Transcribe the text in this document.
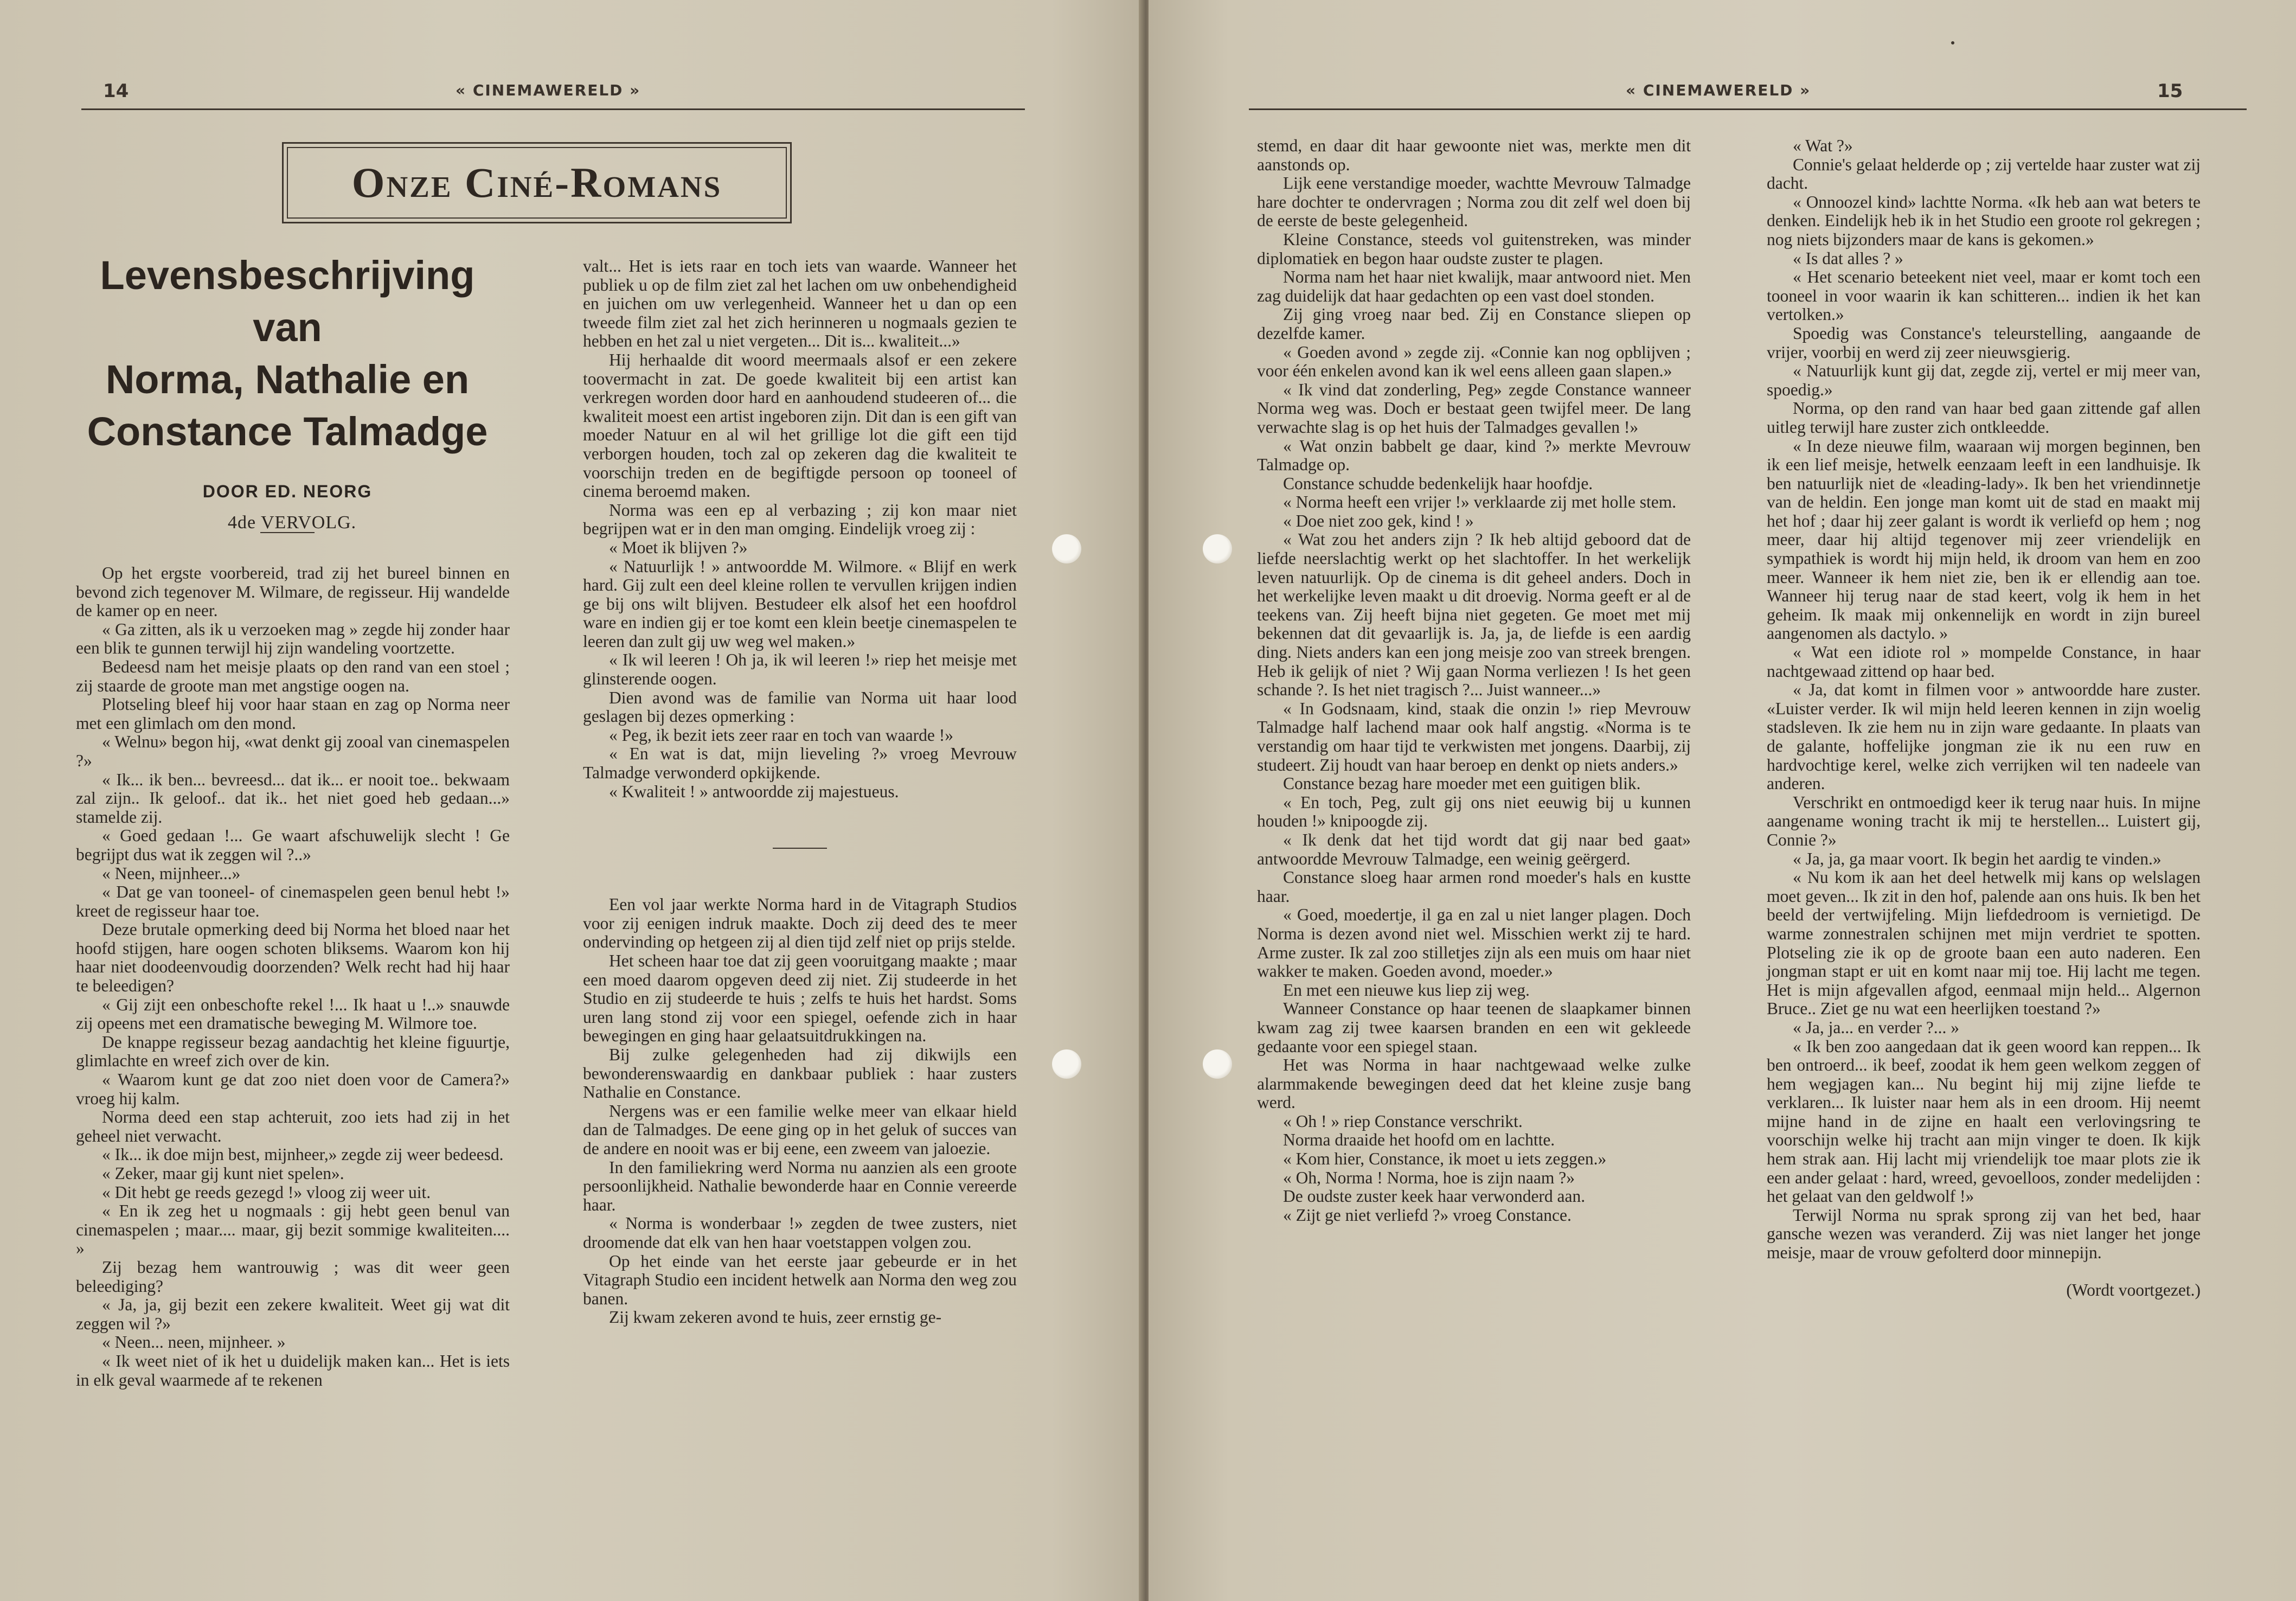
14	« CINEMAWERELD »
Onze Ciné-Romans
Levensbeschrijving van
Norma, Nathalie en
Constance Talmadge
DOOR ED. NEORG
4de VERVOLG.

Op het ergste voorbereid, trad zij het bureel binnen en bevond zich tegenover M. Wilmare, de regisseur. Hij wandelde de kamer op en neer.

« Ga zitten, als ik u verzoeken mag » zegde hij zonder haar een blik te gunnen terwijl hij zijn wandeling voortzette.

Bedeesd nam het meisje plaats op den rand van een stoel ; zij staarde de groote man met angstige oogen na.

Plotseling bleef hij voor haar staan en zag op Norma neer met een glimlach om den mond.

« Welnu» begon hij, «wat denkt gij zooal van cinemaspelen ?»

« Ik... ik ben... bevreesd... dat ik... er nooit toe.. bekwaam zal zijn.. Ik geloof.. dat ik.. het niet goed heb gedaan...» stamelde zij.

« Goed gedaan !... Ge waart afschuwelijk slecht ! Ge begrijpt dus wat ik zeggen wil ?..»

« Neen, mijnheer...»

« Dat ge van tooneel- of cinemaspelen geen benul hebt !» kreet de regisseur haar toe.

Deze brutale opmerking deed bij Norma het bloed naar het hoofd stijgen, hare oogen schoten bliksems. Waarom kon hij haar niet doodeenvoudig doorzenden? Welk recht had hij haar te beleedigen?

« Gij zijt een onbeschofte rekel !... Ik haat u !..» snauwde zij opeens met een dramatische beweging M. Wilmore toe.

De knappe regisseur bezag aandachtig het kleine figuurtje, glimlachte en wreef zich over de kin.

« Waarom kunt ge dat zoo niet doen voor de Camera?» vroeg hij kalm.

Norma deed een stap achteruit, zoo iets had zij in het geheel niet verwacht.

« Ik... ik doe mijn best, mijnheer,» zegde zij weer bedeesd.

« Zeker, maar gij kunt niet spelen».

« Dit hebt ge reeds gezegd !» vloog zij weer uit.

« En ik zeg het u nogmaals : gij hebt geen benul van cinemaspelen ; maar.... maar, gij bezit sommige kwaliteiten.... »

Zij bezag hem wantrouwig ; was dit weer geen beleediging?

« Ja, ja, gij bezit een zekere kwaliteit. Weet gij wat dit zeggen wil ?»

« Neen... neen, mijnheer. »

« Ik weet niet of ik het u duidelijk maken kan... Het is iets in elk geval waarmede af te rekenen

valt... Het is iets raar en toch iets van waarde. Wanneer het publiek u op de film ziet zal het lachen om uw onbehendigheid en juichen om uw verlegenheid. Wanneer het u dan op een tweede film ziet zal het zich herinneren u nogmaals gezien te hebben en het zal u niet vergeten... Dit is... kwaliteit...»

Hij herhaalde dit woord meermaals alsof er een zekere toovermacht in zat. De goede kwaliteit bij een artist kan verkregen worden door hard en aanhoudend studeeren of... die kwaliteit moest een artist ingeboren zijn. Dit dan is een gift van moeder Natuur en al wil het grillige lot die gift een tijd verborgen houden, toch zal op zekeren dag die kwaliteit te voorschijn treden en de begiftigde persoon op tooneel of cinema beroemd maken.

Norma was een ep al verbazing ; zij kon maar niet begrijpen wat er in den man omging. Eindelijk vroeg zij :

« Moet ik blijven ?»

« Natuurlijk ! » antwoordde M. Wilmore. « Blijf en werk hard. Gij zult een deel kleine rollen te vervullen krijgen indien ge bij ons wilt blijven. Bestudeer elk alsof het een hoofdrol ware en indien gij er toe komt een klein beetje cinemaspelen te leeren dan zult gij uw weg wel maken.»

« Ik wil leeren ! Oh ja, ik wil leeren !» riep het meisje met glinsterende oogen.

Dien avond was de familie van Norma uit haar lood geslagen bij dezes opmerking :

« Peg, ik bezit iets zeer raar en toch van waarde !»

« En wat is dat, mijn lieveling ?» vroeg Mevrouw Talmadge verwonderd opkijkende.

« Kwaliteit ! » antwoordde zij majestueus.

Een vol jaar werkte Norma hard in de Vitagraph Studios voor zij eenigen indruk maakte. Doch zij deed des te meer ondervinding op hetgeen zij al dien tijd zelf niet op prijs stelde.

Het scheen haar toe dat zij geen vooruitgang maakte ; maar een moed daarom opgeven deed zij niet. Zij studeerde in het Studio en zij studeerde te huis ; zelfs te huis het hardst. Soms uren lang stond zij voor een spiegel, oefende zich in haar bewegingen en ging haar gelaatsuitdrukkingen na.

Bij zulke gelegenheden had zij dikwijls een bewonderenswaardig en dankbaar publiek : haar zusters Nathalie en Constance.

Nergens was er een familie welke meer van elkaar hield dan de Talmadges. De eene ging op in het geluk of succes van de andere en nooit was er bij eene, een zweem van jaloezie.

In den familiekring werd Norma nu aanzien als een groote persoonlijkheid. Nathalie bewonderde haar en Connie vereerde haar.

« Norma is wonderbaar !» zegden de twee zusters, niet droomende dat elk van hen haar voetstappen volgen zou.

Op het einde van het eerste jaar gebeurde er in het Vitagraph Studio een incident hetwelk aan Norma den weg zou banen.

Zij kwam zekeren avond te huis, zeer ernstig ge-

« CINEMAWERELD »	15

stemd, en daar dit haar gewoonte niet was, merkte men dit aanstonds op.

Lijk eene verstandige moeder, wachtte Mevrouw Talmadge hare dochter te ondervragen ; Norma zou dit zelf wel doen bij de eerste de beste gelegenheid.

Kleine Constance, steeds vol guitenstreken, was minder diplomatiek en begon haar oudste zuster te plagen.

Norma nam het haar niet kwalijk, maar antwoord niet. Men zag duidelijk dat haar gedachten op een vast doel stonden.

Zij ging vroeg naar bed. Zij en Constance sliepen op dezelfde kamer.

« Goeden avond » zegde zij. «Connie kan nog opblijven ; voor één enkelen avond kan ik wel eens alleen gaan slapen.»

« Ik vind dat zonderling, Peg» zegde Constance wanneer Norma weg was. Doch er bestaat geen twijfel meer. De lang verwachte slag is op het huis der Talmadges gevallen !»

« Wat onzin babbelt ge daar, kind ?» merkte Mevrouw Talmadge op.

Constance schudde bedenkelijk haar hoofdje.

« Norma heeft een vrijer !» verklaarde zij met holle stem.

« Doe niet zoo gek, kind ! »

« Wat zou het anders zijn ? Ik heb altijd geboord dat de liefde neerslachtig werkt op het slachtoffer. In het werkelijk leven natuurlijk. Op de cinema is dit geheel anders. Doch in het werkelijke leven maakt u dit droevig. Norma geeft er al de teekens van. Zij heeft bijna niet gegeten. Ge moet met mij bekennen dat dit gevaarlijk is. Ja, ja, de liefde is een aardig ding. Niets anders kan een jong meisje zoo van streek brengen. Heb ik gelijk of niet ? Wij gaan Norma verliezen ! Is het geen schande ?. Is het niet tragisch ?... Juist wanneer...»

« In Godsnaam, kind, staak die onzin !» riep Mevrouw Talmadge half lachend maar ook half angstig. «Norma is te verstandig om haar tijd te verkwisten met jongens. Daarbij, zij studeert. Zij houdt van haar beroep en denkt op niets anders.»

Constance bezag hare moeder met een guitigen blik.

« En toch, Peg, zult gij ons niet eeuwig bij u kunnen houden !» knipoogde zij.

« Ik denk dat het tijd wordt dat gij naar bed gaat» antwoordde Mevrouw Talmadge, een weinig geërgerd.

Constance sloeg haar armen rond moeder's hals en kustte haar.

« Goed, moedertje, il ga en zal u niet langer plagen. Doch Norma is dezen avond niet wel. Misschien werkt zij te hard. Arme zuster. Ik zal zoo stilletjes zijn als een muis om haar niet wakker te maken. Goeden avond, moeder.»

En met een nieuwe kus liep zij weg.

Wanneer Constance op haar teenen de slaapkamer binnen kwam zag zij twee kaarsen branden en een wit gekleede gedaante voor een spiegel staan.

Het was Norma in haar nachtgewaad welke zulke alarmmakende bewegingen deed dat het kleine zusje bang werd.

« Oh ! » riep Constance verschrikt.

Norma draaide het hoofd om en lachtte.

« Kom hier, Constance, ik moet u iets zeggen.»

« Oh, Norma ! Norma, hoe is zijn naam ?»

De oudste zuster keek haar verwonderd aan.

« Zijt ge niet verliefd ?» vroeg Constance.

« Wat ?»

Connie's gelaat helderde op ; zij vertelde haar zuster wat zij dacht.

« Onnoozel kind» lachtte Norma. «Ik heb aan wat beters te denken. Eindelijk heb ik in het Studio een groote rol gekregen ; nog niets bijzonders maar de kans is gekomen.»

« Is dat alles ? »

« Het scenario beteekent niet veel, maar er komt toch een tooneel in voor waarin ik kan schitteren... indien ik het kan vertolken.»

Spoedig was Constance's teleurstelling, aangaande de vrijer, voorbij en werd zij zeer nieuwsgierig.

« Natuurlijk kunt gij dat, zegde zij, vertel er mij meer van, spoedig.»

Norma, op den rand van haar bed gaan zittende gaf allen uitleg terwijl hare zuster zich ontkleedde.

« In deze nieuwe film, waaraan wij morgen beginnen, ben ik een lief meisje, hetwelk eenzaam leeft in een landhuisje. Ik ben natuurlijk niet de «leading-lady». Ik ben het vriendinnetje van de heldin. Een jonge man komt uit de stad en maakt mij het hof ; daar hij zeer galant is wordt ik verliefd op hem ; nog meer, daar hij altijd tegenover mij zeer vriendelijk en sympathiek is wordt hij mijn held, ik droom van hem en zoo meer. Wanneer ik hem niet zie, ben ik er ellendig aan toe. Wanneer hij terug naar de stad keert, volg ik hem in het geheim. Ik maak mij onkennelijk en wordt in zijn bureel aangenomen als dactylo. »

« Wat een idiote rol » mompelde Constance, in haar nachtgewaad zittend op haar bed.

« Ja, dat komt in filmen voor » antwoordde hare zuster. «Luister verder. Ik wil mijn held leeren kennen in zijn woelig stadsleven. Ik zie hem nu in zijn ware gedaante. In plaats van de galante, hoffelijke jongman zie ik nu een ruw en hardvochtige kerel, welke zich verrijken wil ten nadeele van anderen.

Verschrikt en ontmoedigd keer ik terug naar huis. In mijne aangename woning tracht ik mij te herstellen... Luistert gij, Connie ?»

« Ja, ja, ga maar voort. Ik begin het aardig te vinden.»

« Nu kom ik aan het deel hetwelk mij kans op welslagen moet geven... Ik zit in den hof, palende aan ons huis. Ik ben het beeld der vertwijfeling. Mijn liefdedroom is vernietigd. De warme zonnestralen schijnen met mijn verdriet te spotten. Plotseling zie ik op de groote baan een auto naderen. Een jongman stapt er uit en komt naar mij toe. Hij lacht me tegen. Het is mijn afgevallen afgod, eenmaal mijn held... Algernon Bruce.. Ziet ge nu wat een heerlijken toestand ?»

« Ja, ja... en verder ?... »

« Ik ben zoo aangedaan dat ik geen woord kan reppen... Ik ben ontroerd... ik beef, zoodat ik hem geen welkom zeggen of hem wegjagen kan... Nu begint hij mij zijne liefde te verklaren... Ik luister naar hem als in een droom. Hij neemt mijne hand in de zijne en haalt een verlovingsring te voorschijn welke hij tracht aan mijn vinger te doen. Ik kijk hem strak aan. Hij lacht mij vriendelijk toe maar plots zie ik een ander gelaat : hard, wreed, gevoelloos, zonder medelijden : het gelaat van den geldwolf !»

Terwijl Norma nu sprak sprong zij van het bed, haar gansche wezen was veranderd. Zij was niet langer het jonge meisje, maar de vrouw gefolterd door minnepijn.

(Wordt voortgezet.)
